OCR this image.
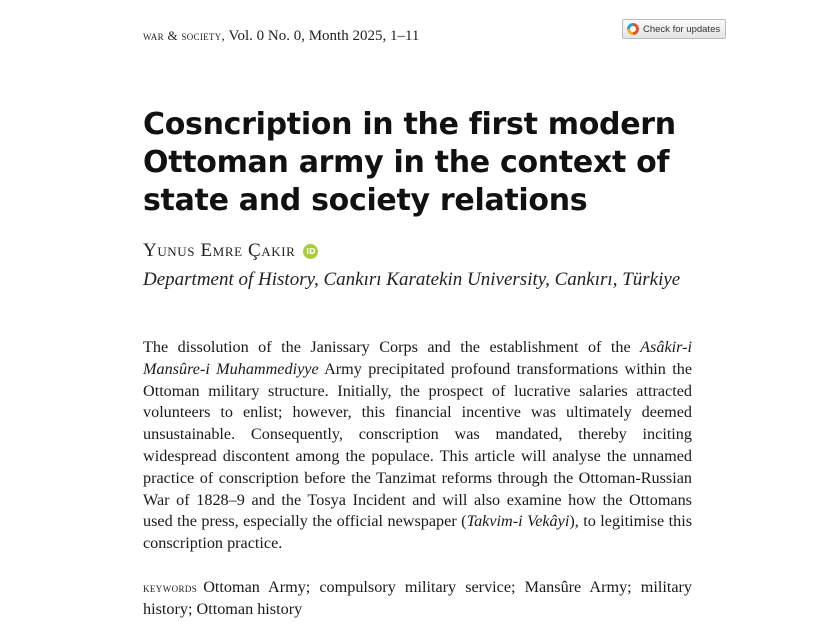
war & society, Vol. 0 No. 0, Month 2025, 1–11	Check for updates
Cosncription in the first modern Ottoman army in the context of state and society relations
Yunus Emre Çakır	iD
Department of History, Cankırı Karatekin University, Cankırı, Türkiye

The dissolution of the Janissary Corps and the establishment of the Asâkir-i Mansûre-i Muhammediyye Army precipitated profound transformations within the Ottoman military structure. Initially, the prospect of lucrative salaries attracted volunteers to enlist; however, this financial incentive was ultimately deemed unsustainable. Consequently, conscription was mandated, thereby inciting widespread discontent among the populace. This article will analyse the unnamed practice of conscription before the Tanzimat reforms through the Ottoman-Russian War of 1828–9 and the Tosya Incident and will also examine how the Ottomans used the press, especially the official newspaper (Takvim-i Vekâyi), to legitimise this conscription practice.

keywords Ottoman Army; compulsory military service; Mansûre Army; military history; Ottoman history
